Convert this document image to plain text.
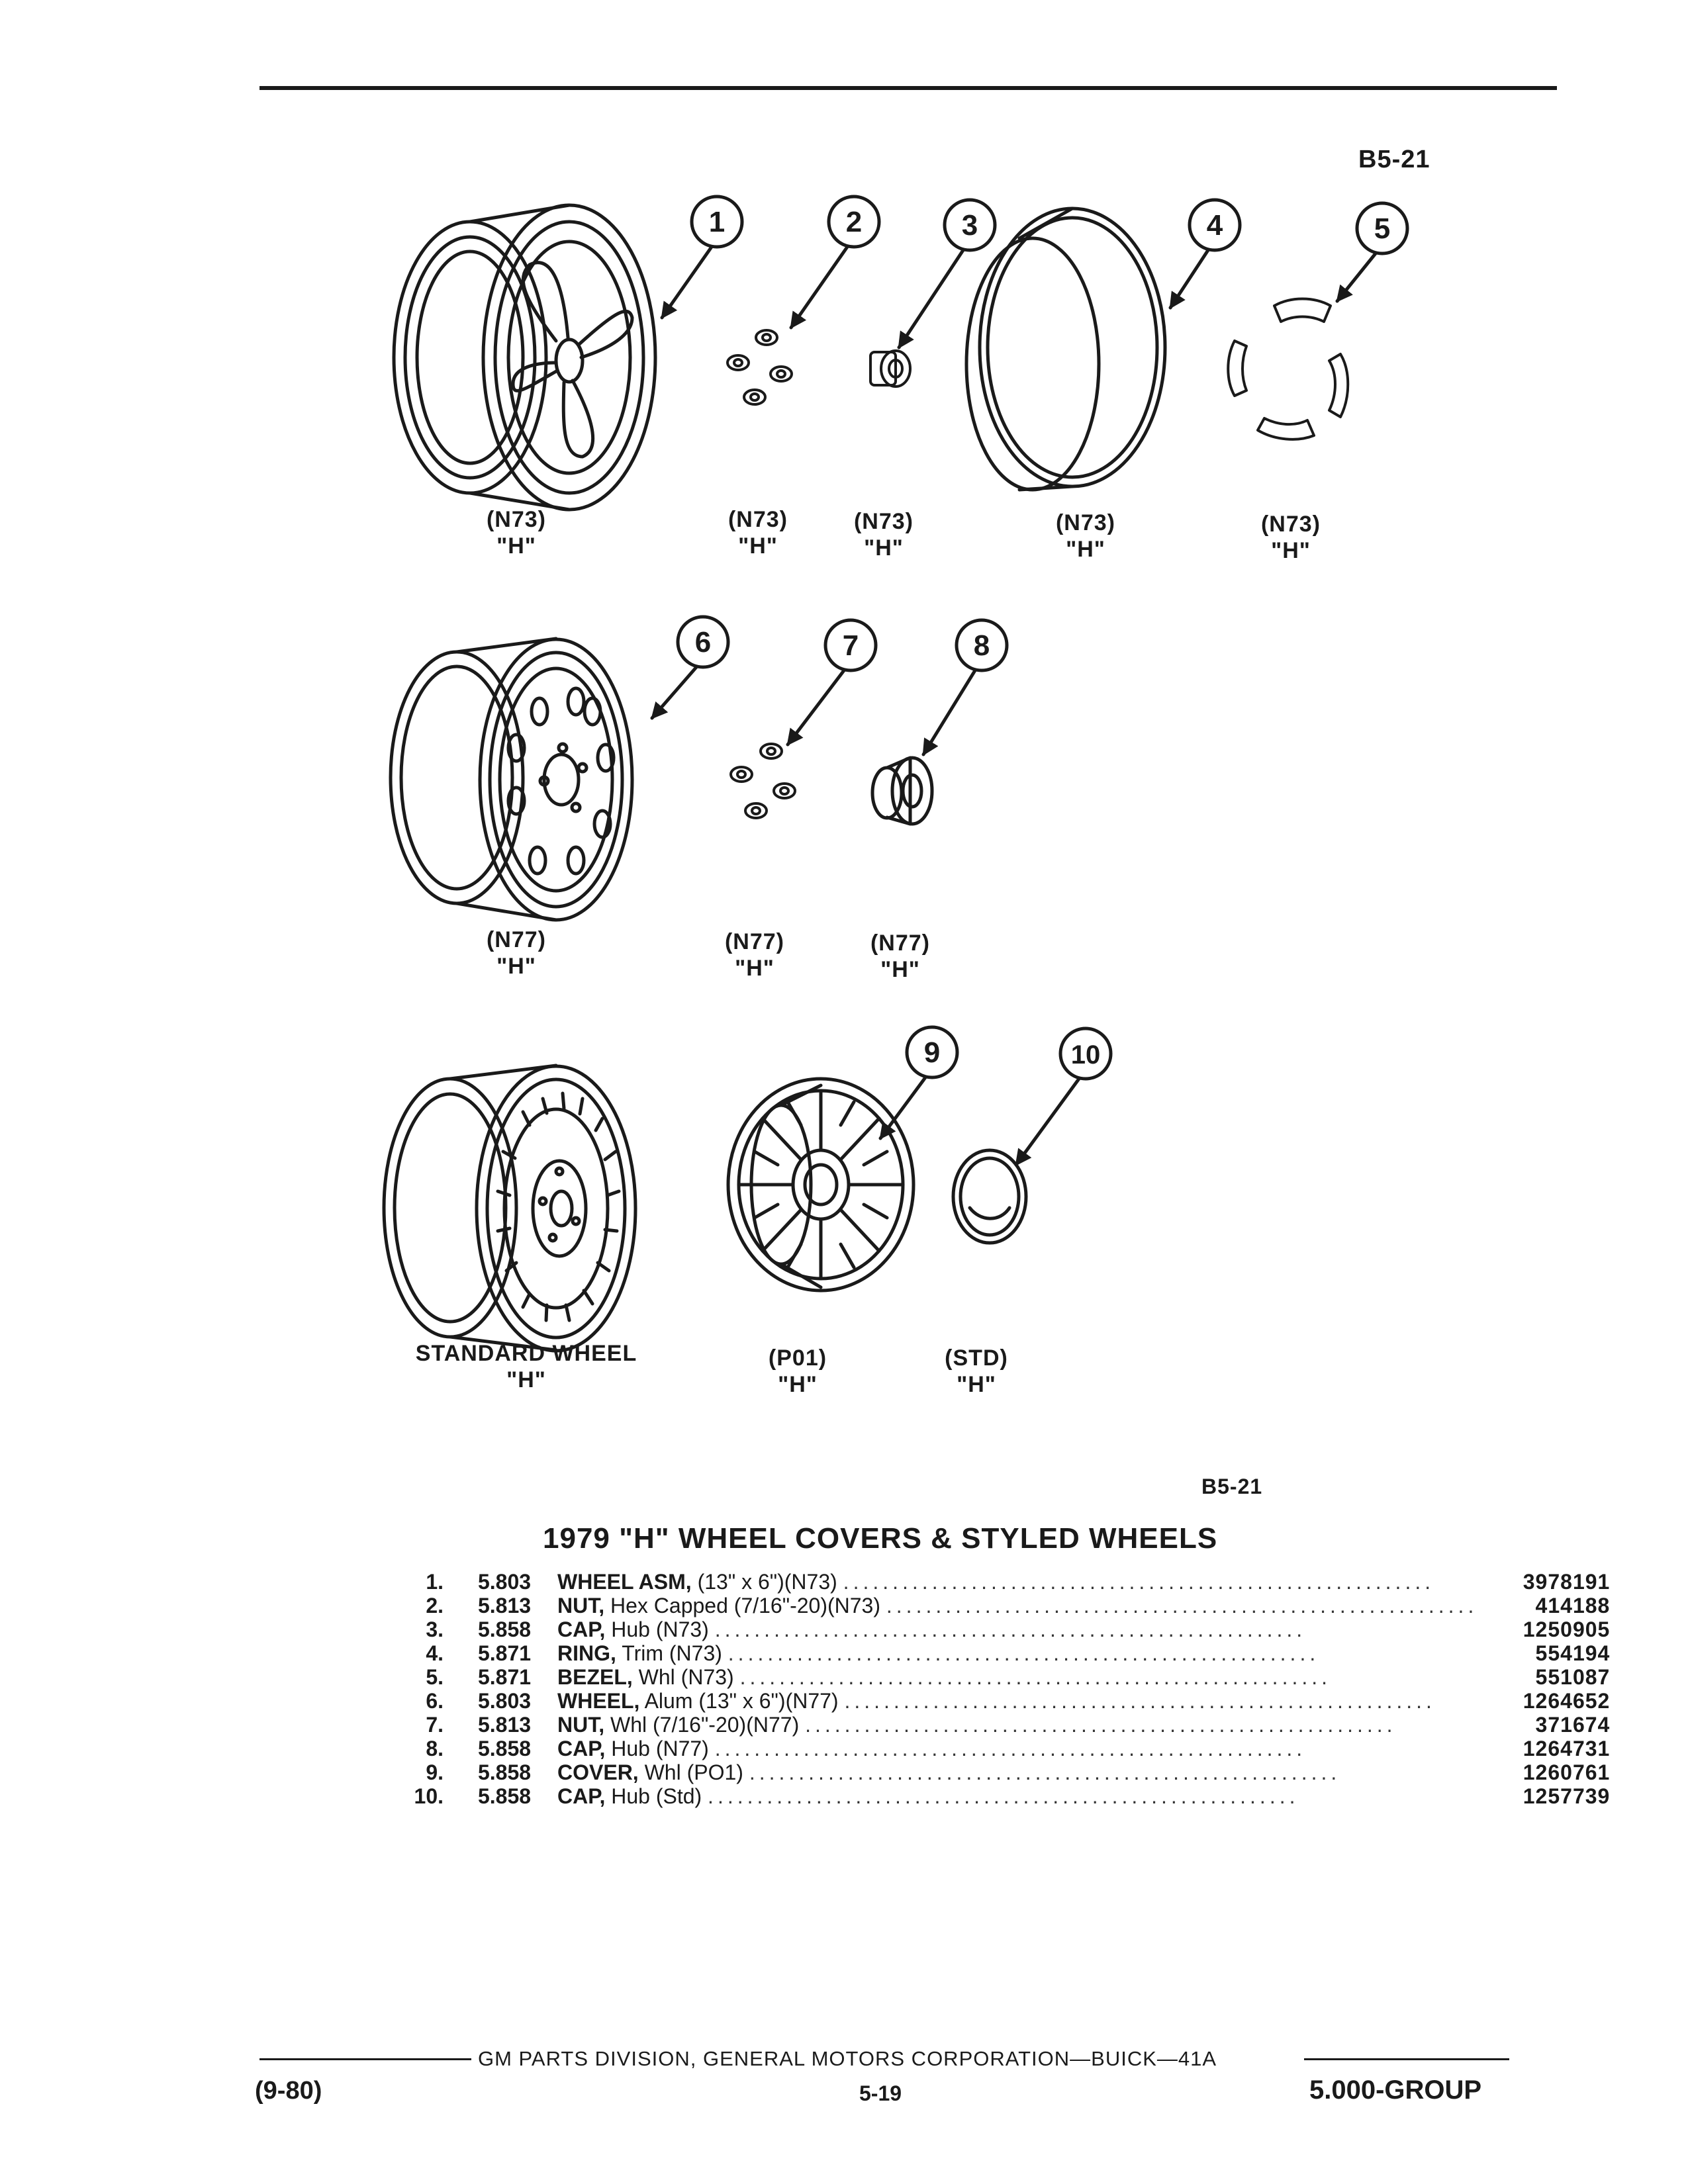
B5-21
1	2	3	4	5
6	7	8
9	10
(N73)
"H"
(N73)
"H"
(N73)
"H"
(N73)
"H"
(N73)
"H"
(N77)
"H"
(N77)
"H"
(N77)
"H"
STANDARD WHEEL
"H"
(P01)
"H"
(STD)
"H"
B5-21
1979 "H" WHEEL COVERS & STYLED WHEELS
1.	5.803	WHEEL ASM, (13" x 6")(N73) ............................................................	3978191
2.	5.813	NUT, Hex Capped (7/16"-20)(N73) ............................................................	414188
3.	5.858	CAP, Hub (N73) ............................................................	1250905
4.	5.871	RING, Trim (N73) ............................................................	554194
5.	5.871	BEZEL, Whl (N73) ............................................................	551087
6.	5.803	WHEEL, Alum (13" x 6")(N77) ............................................................	1264652
7.	5.813	NUT, Whl (7/16"-20)(N77) ............................................................	371674
8.	5.858	CAP, Hub (N77) ............................................................	1264731
9.	5.858	COVER, Whl (PO1) ............................................................	1260761
10.	5.858	CAP, Hub (Std) ............................................................	1257739
GM PARTS DIVISION, GENERAL MOTORS CORPORATION—BUICK—41A
(9-80)	5-19	5.000-GROUP
